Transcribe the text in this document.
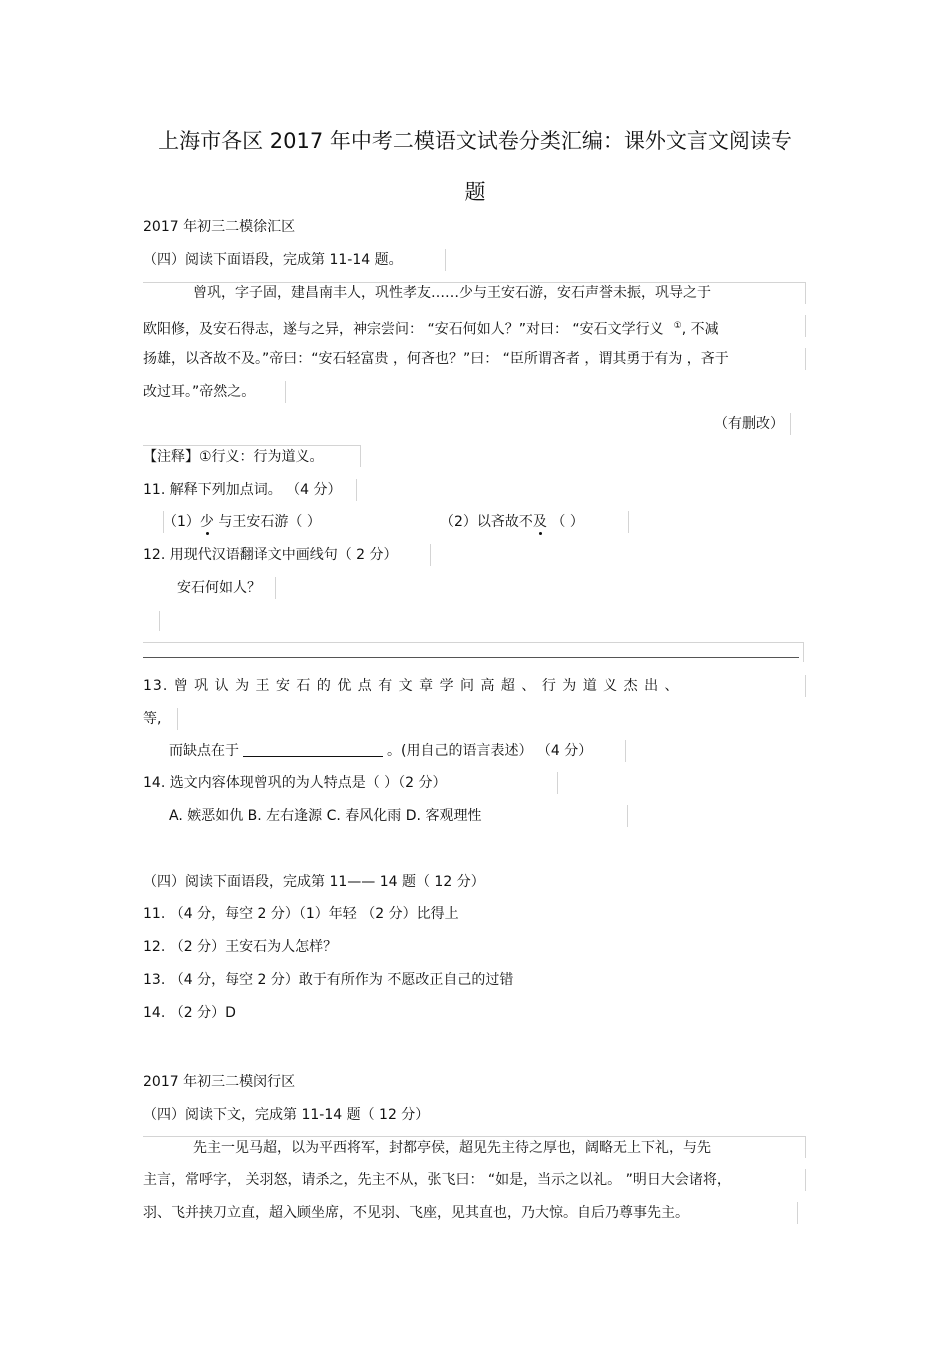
上海市各区 2017 年中考二模语文试卷分类汇编：课外文言文阅读专
题
2017 年初三二模徐汇区
（四）阅读下面语段，完成第 11-14 题。
曾巩，字子固，建昌南丰人，巩性孝友……少与王安石游，安石声誉未振，巩导之于
欧阳修，及安石得志，遂与之异，神宗尝问： “安石何如人？”对曰： “安石文学行义 ①, 不减
扬雄，以吝故不及。”帝曰：“安石轻富贵 ，何吝也？”曰： “臣所谓吝者 ，谓其勇于有为 ，吝于
改过耳。”帝然之。
（有删改）
【注释】①行义：行为道义。
11. 解释下列加点词。 （4 分）
（1）少 与王安石游（ ）	（2）以吝故不及 （ ）
12. 用现代汉语翻译文中画线句（ 2 分）
安石何如人？
13. 曾 巩 认 为 王 安 石 的 优 点 有 文 章 学 问 高 超 、 行 为 道 义 杰 出 、
等,
而缺点在于	。(用自己的语言表述） （4 分）
14. 选文内容体现曾巩的为人特点是（ ）（2 分）
A. 嫉恶如仇 B. 左右逢源 C. 春风化雨 D. 客观理性
（四）阅读下面语段，完成第 11—— 14 题（ 12 分）
11. （4 分，每空 2 分）（1）年轻 （2 分）比得上
12. （2 分）王安石为人怎样？
13. （4 分，每空 2 分）敢于有所作为 不愿改正自己的过错
14. （2 分）D
2017 年初三二模闵行区
（四）阅读下文，完成第 11-14 题（ 12 分）
先主一见马超，以为平西将军，封都亭侯，超见先主待之厚也，阔略无上下礼，与先
主言，常呼字， 关羽怒，请杀之，先主不从，张飞曰： “如是，当示之以礼。 ”明日大会诸将，
羽、飞并挟刀立直，超入顾坐席，不见羽、飞座，见其直也，乃大惊。自后乃尊事先主。
